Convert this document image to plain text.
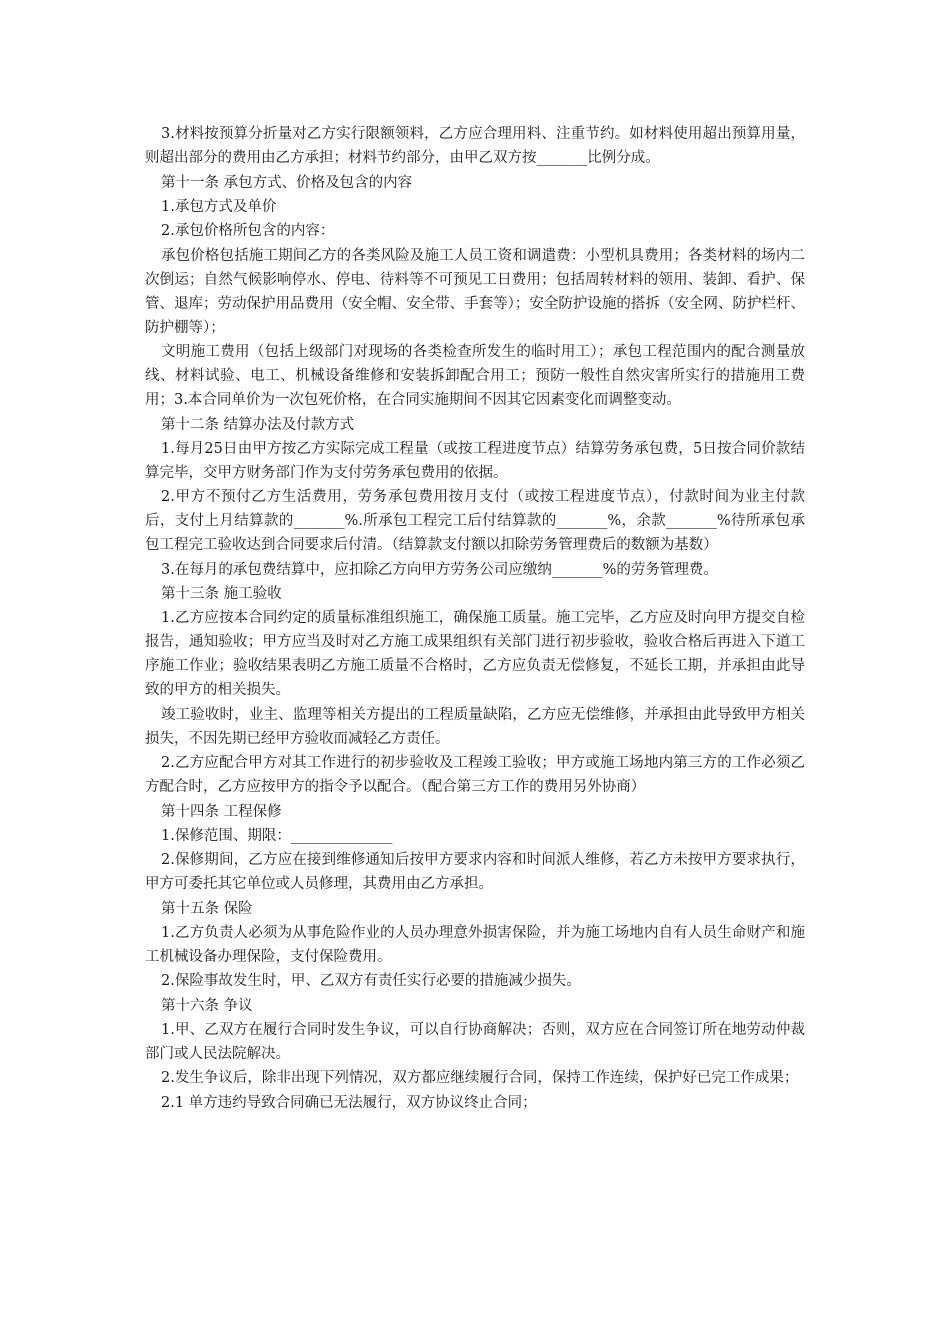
3.材料按预算分折量对乙方实行限额领料，乙方应合理用料、注重节约。如材料使用超出预算用量，则超出部分的费用由乙方承担；材料节约部分，由甲乙双方按_______比例分成。

第十一条 承包方式、价格及包含的内容

1.承包方式及单价

2.承包价格所包含的内容：

承包价格包括施工期间乙方的各类风险及施工人员工资和调遣费：小型机具费用；各类材料的场内二次倒运；自然气候影响停水、停电、待料等不可预见工日费用；包括周转材料的领用、装卸、看护、保管、退库；劳动保护用品费用（安全帽、安全带、手套等）；安全防护设施的搭拆（安全网、防护栏杆、防护棚等）；

文明施工费用（包括上级部门对现场的各类检查所发生的临时用工）；承包工程范围内的配合测量放线、材料试验、电工、机械设备维修和安装拆卸配合用工；预防一般性自然灾害所实行的措施用工费用；3.本合同单价为一次包死价格，在合同实施期间不因其它因素变化而调整变动。

第十二条 结算办法及付款方式

1.每月25日由甲方按乙方实际完成工程量（或按工程进度节点）结算劳务承包费，5日按合同价款结算完毕，交甲方财务部门作为支付劳务承包费用的依据。

2.甲方不预付乙方生活费用，劳务承包费用按月支付（或按工程进度节点），付款时间为业主付款后，支付上月结算款的_______%.所承包工程完工后付结算款的_______%，余款_______%待所承包承包工程完工验收达到合同要求后付清。（结算款支付额以扣除劳务管理费后的数额为基数）

3.在每月的承包费结算中，应扣除乙方向甲方劳务公司应缴纳_______%的劳务管理费。

第十三条 施工验收

1.乙方应按本合同约定的质量标准组织施工，确保施工质量。施工完毕，乙方应及时向甲方提交自检报告，通知验收；甲方应当及时对乙方施工成果组织有关部门进行初步验收，验收合格后再进入下道工序施工作业；验收结果表明乙方施工质量不合格时，乙方应负责无偿修复，不延长工期，并承担由此导致的甲方的相关损失。

竣工验收时，业主、监理等相关方提出的工程质量缺陷，乙方应无偿维修，并承担由此导致甲方相关损失，不因先期已经甲方验收而减轻乙方责任。

2.乙方应配合甲方对其工作进行的初步验收及工程竣工验收；甲方或施工场地内第三方的工作必须乙方配合时，乙方应按甲方的指令予以配合。（配合第三方工作的费用另外协商）

第十四条 工程保修

1.保修范围、期限：______________

2.保修期间，乙方应在接到维修通知后按甲方要求内容和时间派人维修，若乙方未按甲方要求执行，甲方可委托其它单位或人员修理，其费用由乙方承担。

第十五条 保险

1.乙方负责人必须为从事危险作业的人员办理意外损害保险，并为施工场地内自有人员生命财产和施工机械设备办理保险，支付保险费用。

2.保险事故发生时，甲、乙双方有责任实行必要的措施减少损失。

第十六条 争议

1.甲、乙双方在履行合同时发生争议，可以自行协商解决；否则，双方应在合同签订所在地劳动仲裁部门或人民法院解决。

2.发生争议后，除非出现下列情况，双方都应继续履行合同，保持工作连续，保护好已完工作成果；

2.1 单方违约导致合同确已无法履行，双方协议终止合同；
